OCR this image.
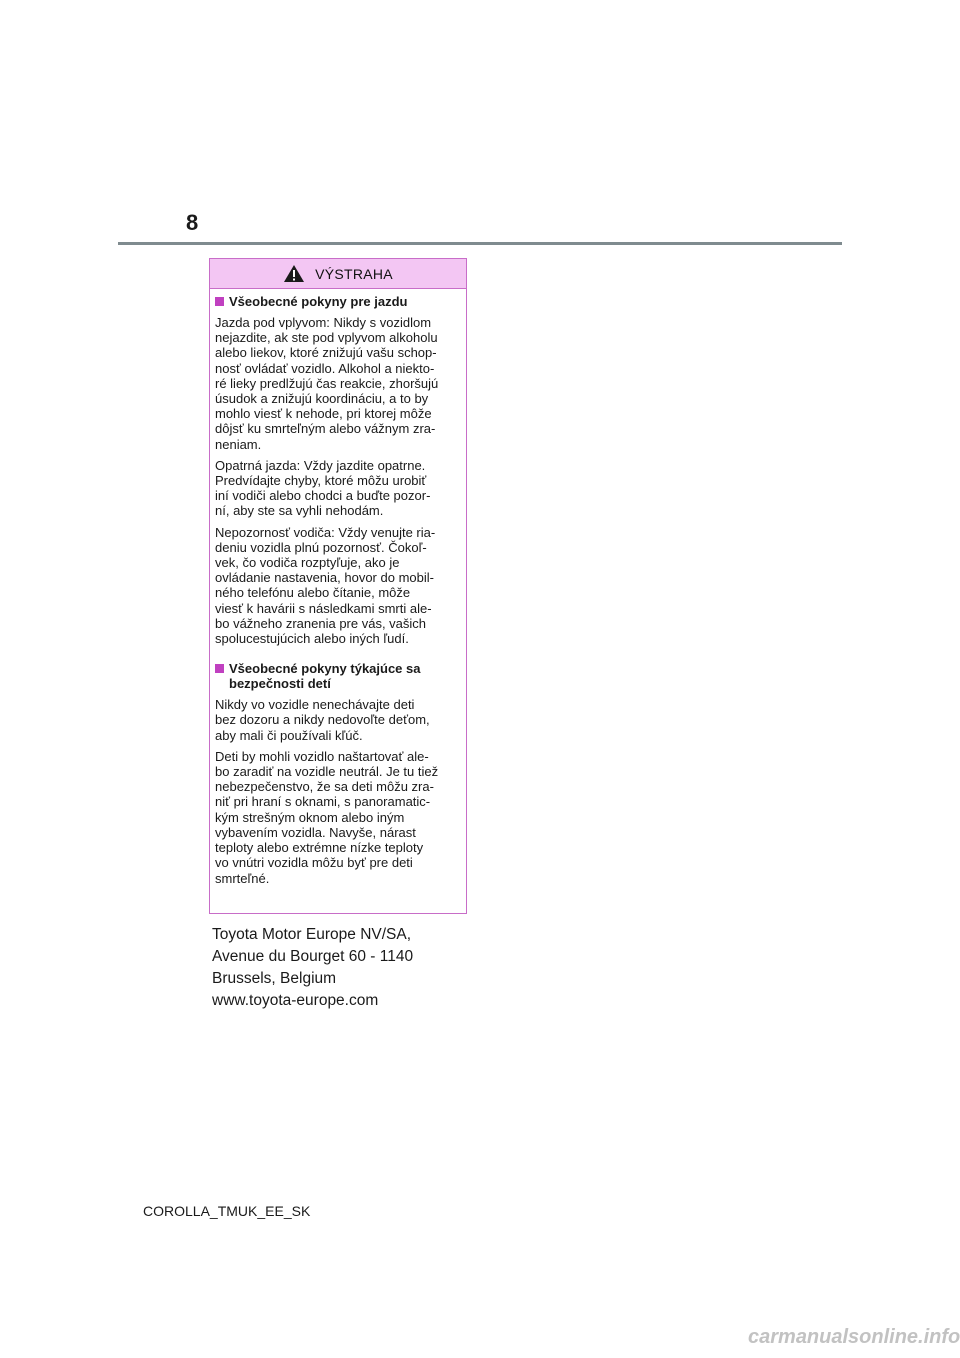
8
VÝSTRAHA
Všeobecné pokyny pre jazdu

Jazda pod vplyvom: Nikdy s vozidlom
nejazdite, ak ste pod vplyvom alkoholu
alebo liekov, ktoré znižujú vašu schop-
nosť ovládať vozidlo. Alkohol a niekto-
ré lieky predlžujú čas reakcie, zhoršujú
úsudok a znižujú koordináciu, a to by
mohlo viesť k nehode, pri ktorej môže
dôjsť ku smrteľným alebo vážnym zra-
neniam.

Opatrná jazda: Vždy jazdite opatrne.
Predvídajte chyby, ktoré môžu urobiť
iní vodiči alebo chodci a buďte pozor-
ní, aby ste sa vyhli nehodám.

Nepozornosť vodiča: Vždy venujte ria-
deniu vozidla plnú pozornosť. Čokoľ-
vek, čo vodiča rozptyľuje, ako je
ovládanie nastavenia, hovor do mobil-
ného telefónu alebo čítanie, môže
viesť k havárii s následkami smrti ale-
bo vážneho zranenia pre vás, vašich
spolucestujúcich alebo iných ľudí.

Všeobecné pokyny týkajúce sa
bezpečnosti detí

Nikdy vo vozidle nenechávajte deti
bez dozoru a nikdy nedovoľte deťom,
aby mali či používali kľúč.

Deti by mohli vozidlo naštartovať ale-
bo zaradiť na vozidle neutrál. Je tu tiež
nebezpečenstvo, že sa deti môžu zra-
niť pri hraní s oknami, s panoramatic-
kým strešným oknom alebo iným
vybavením vozidla. Navyše, nárast
teploty alebo extrémne nízke teploty
vo vnútri vozidla môžu byť pre deti
smrteľné.

Toyota Motor Europe NV/SA,
Avenue du Bourget 60 - 1140
Brussels, Belgium
www.toyota-europe.com
COROLLA_TMUK_EE_SK
carmanualsonline.info
